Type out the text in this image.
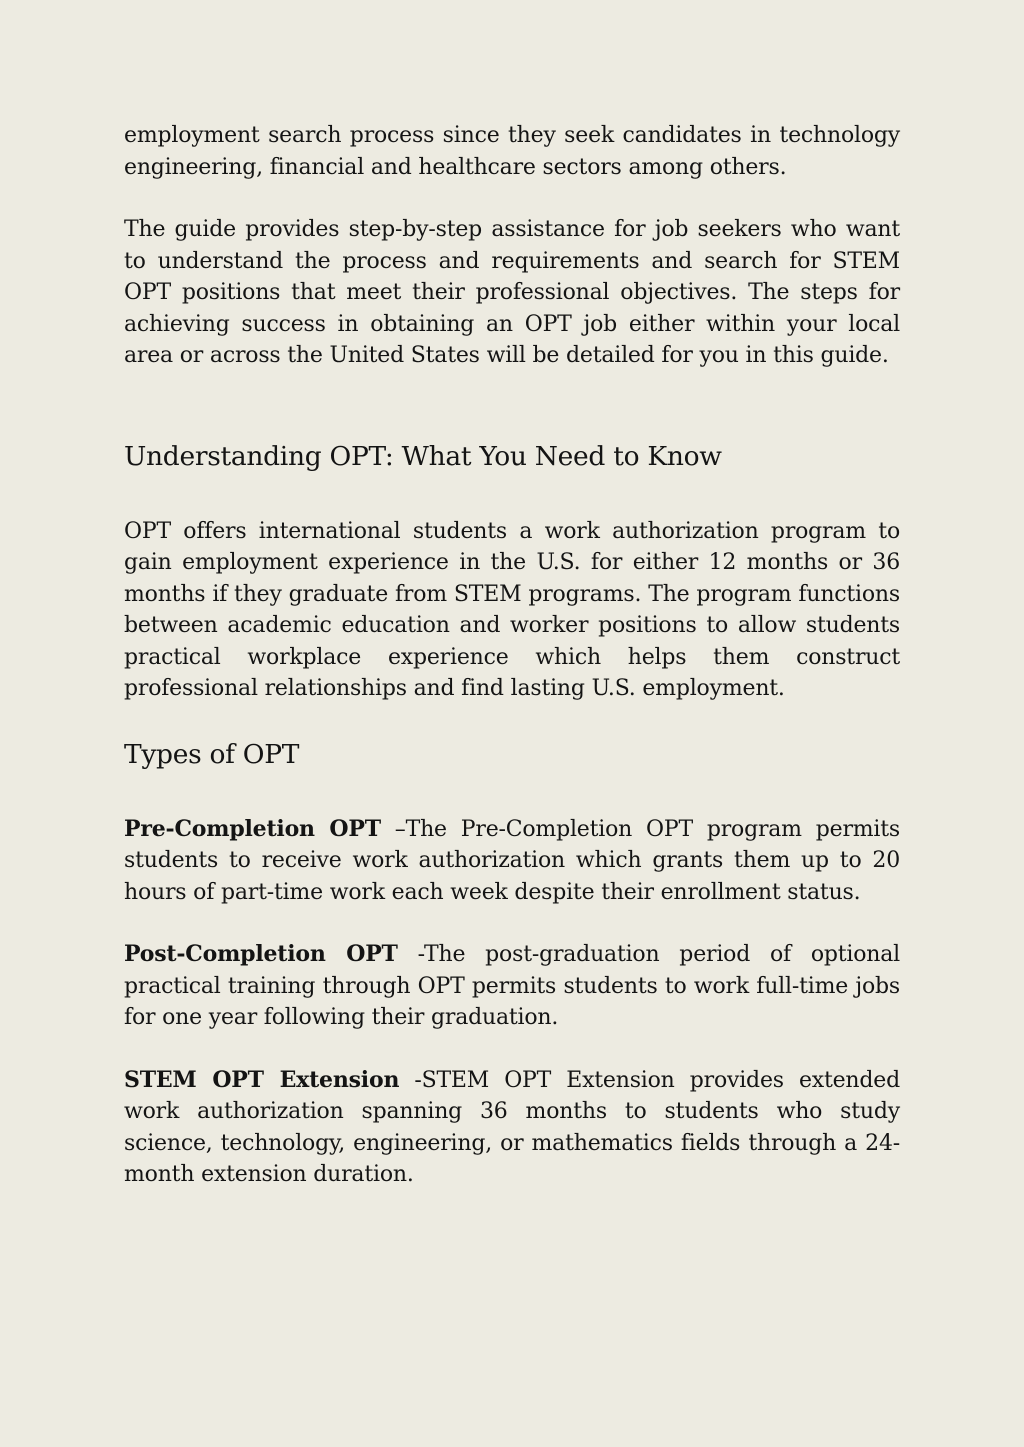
employment search process since they seek candidates in technology engineering, financial and healthcare sectors among others.

The guide provides step-by-step assistance for job seekers who want to understand the process and requirements and search for STEM OPT positions that meet their professional objectives. The steps for achieving success in obtaining an OPT job either within your local area or across the United States will be detailed for you in this guide.

Understanding OPT: What You Need to Know

OPT offers international students a work authorization program to gain employment experience in the U.S. for either 12 months or 36 months if they graduate from STEM programs. The program functions between academic education and worker positions to allow students practical workplace experience which helps them construct professional relationships and find lasting U.S. employment.

Types of OPT

Pre-Completion OPT –The Pre-Completion OPT program permits students to receive work authorization which grants them up to 20 hours of part-time work each week despite their enrollment status.

Post-Completion OPT -The post-graduation period of optional practical training through OPT permits students to work full-time jobs for one year following their graduation.

STEM OPT Extension -STEM OPT Extension provides extended work authorization spanning 36 months to students who study science, technology, engineering, or mathematics fields through a 24-month extension duration.
